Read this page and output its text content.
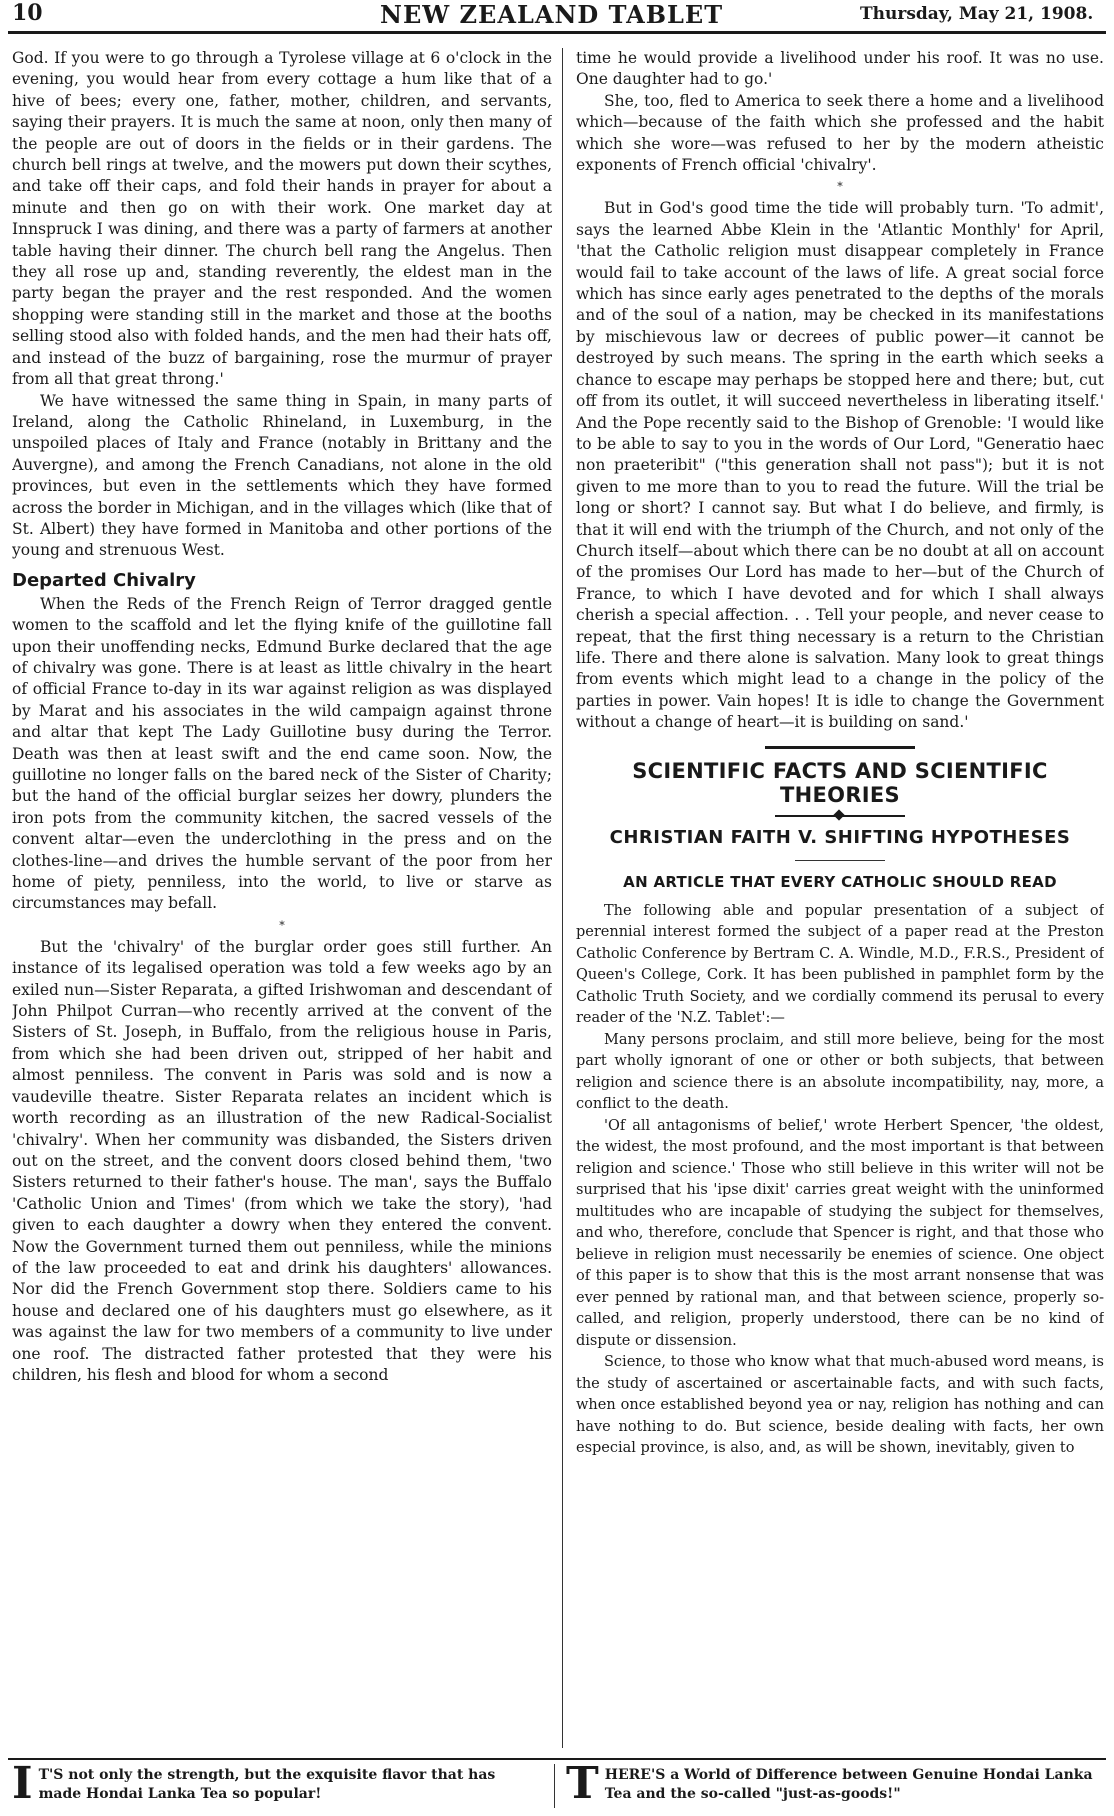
10	NEW ZEALAND TABLET	Thursday, May 21, 1908.

God. If you were to go through a Tyrolese village at 6 o'clock in the evening, you would hear from every cottage a hum like that of a hive of bees; every one, father, mother, children, and servants, saying their prayers. It is much the same at noon, only then many of the people are out of doors in the fields or in their gardens. The church bell rings at twelve, and the mowers put down their scythes, and take off their caps, and fold their hands in prayer for about a minute and then go on with their work. One market day at Innspruck I was dining, and there was a party of farmers at another table having their dinner. The church bell rang the Angelus. Then they all rose up and, standing reverently, the eldest man in the party began the prayer and the rest responded. And the women shopping were standing still in the market and those at the booths selling stood also with folded hands, and the men had their hats off, and instead of the buzz of bargaining, rose the murmur of prayer from all that great throng.'

We have witnessed the same thing in Spain, in many parts of Ireland, along the Catholic Rhineland, in Luxemburg, in the unspoiled places of Italy and France (notably in Brittany and the Auvergne), and among the French Canadians, not alone in the old provinces, but even in the settlements which they have formed across the border in Michigan, and in the villages which (like that of St. Albert) they have formed in Manitoba and other portions of the young and strenuous West.

Departed Chivalry

When the Reds of the French Reign of Terror dragged gentle women to the scaffold and let the flying knife of the guillotine fall upon their unoffending necks, Edmund Burke declared that the age of chivalry was gone. There is at least as little chivalry in the heart of official France to-day in its war against religion as was displayed by Marat and his associates in the wild campaign against throne and altar that kept The Lady Guillotine busy during the Terror. Death was then at least swift and the end came soon. Now, the guillotine no longer falls on the bared neck of the Sister of Charity; but the hand of the official burglar seizes her dowry, plunders the iron pots from the community kitchen, the sacred vessels of the convent altar—even the underclothing in the press and on the clothes-line—and drives the humble servant of the poor from her home of piety, penniless, into the world, to live or starve as circumstances may befall.

*

But the 'chivalry' of the burglar order goes still further. An instance of its legalised operation was told a few weeks ago by an exiled nun—Sister Reparata, a gifted Irishwoman and descendant of John Philpot Curran—who recently arrived at the convent of the Sisters of St. Joseph, in Buffalo, from the religious house in Paris, from which she had been driven out, stripped of her habit and almost penniless. The convent in Paris was sold and is now a vaudeville theatre. Sister Reparata relates an incident which is worth recording as an illustration of the new Radical-Socialist 'chivalry'. When her community was disbanded, the Sisters driven out on the street, and the convent doors closed behind them, 'two Sisters returned to their father's house. The man', says the Buffalo 'Catholic Union and Times' (from which we take the story), 'had given to each daughter a dowry when they entered the convent. Now the Government turned them out penniless, while the minions of the law proceeded to eat and drink his daughters' allowances. Nor did the French Government stop there. Soldiers came to his house and declared one of his daughters must go elsewhere, as it was against the law for two members of a community to live under one roof. The distracted father protested that they were his children, his flesh and blood for whom a second

time he would provide a livelihood under his roof. It was no use. One daughter had to go.'

She, too, fled to America to seek there a home and a livelihood which—because of the faith which she professed and the habit which she wore—was refused to her by the modern atheistic exponents of French official 'chivalry'.

*

But in God's good time the tide will probably turn. 'To admit', says the learned Abbe Klein in the 'Atlantic Monthly' for April, 'that the Catholic religion must disappear completely in France would fail to take account of the laws of life. A great social force which has since early ages penetrated to the depths of the morals and of the soul of a nation, may be checked in its manifestations by mischievous law or decrees of public power—it cannot be destroyed by such means. The spring in the earth which seeks a chance to escape may perhaps be stopped here and there; but, cut off from its outlet, it will succeed nevertheless in liberating itself.' And the Pope recently said to the Bishop of Grenoble: 'I would like to be able to say to you in the words of Our Lord, "Generatio haec non praeteribit" ("this generation shall not pass"); but it is not given to me more than to you to read the future. Will the trial be long or short? I cannot say. But what I do believe, and firmly, is that it will end with the triumph of the Church, and not only of the Church itself—about which there can be no doubt at all on account of the promises Our Lord has made to her—but of the Church of France, to which I have devoted and for which I shall always cherish a special affection. . . Tell your people, and never cease to repeat, that the first thing necessary is a return to the Christian life. There and there alone is salvation. Many look to great things from events which might lead to a change in the policy of the parties in power. Vain hopes! It is idle to change the Government without a change of heart—it is building on sand.'

SCIENTIFIC FACTS AND SCIENTIFIC THEORIES
CHRISTIAN FAITH V. SHIFTING HYPOTHESES
AN ARTICLE THAT EVERY CATHOLIC SHOULD READ

The following able and popular presentation of a subject of perennial interest formed the subject of a paper read at the Preston Catholic Conference by Bertram C. A. Windle, M.D., F.R.S., President of Queen's College, Cork. It has been published in pamphlet form by the Catholic Truth Society, and we cordially commend its perusal to every reader of the 'N.Z. Tablet':—

Many persons proclaim, and still more believe, being for the most part wholly ignorant of one or other or both subjects, that between religion and science there is an absolute incompatibility, nay, more, a conflict to the death.

'Of all antagonisms of belief,' wrote Herbert Spencer, 'the oldest, the widest, the most profound, and the most important is that between religion and science.' Those who still believe in this writer will not be surprised that his 'ipse dixit' carries great weight with the uninformed multitudes who are incapable of studying the subject for themselves, and who, therefore, conclude that Spencer is right, and that those who believe in religion must necessarily be enemies of science. One object of this paper is to show that this is the most arrant nonsense that was ever penned by rational man, and that between science, properly so-called, and religion, properly understood, there can be no kind of dispute or dissension.

Science, to those who know what that much-abused word means, is the study of ascertained or ascertainable facts, and with such facts, when once established beyond yea or nay, religion has nothing and can have nothing to do. But science, beside dealing with facts, her own especial province, is also, and, as will be shown, inevitably, given to

I T'S not only the strength, but the exquisite flavor that has made Hondai Lanka Tea so popular!	T HERE'S a World of Difference between Genuine Hondai Lanka Tea and the so-called "just-as-goods!"
